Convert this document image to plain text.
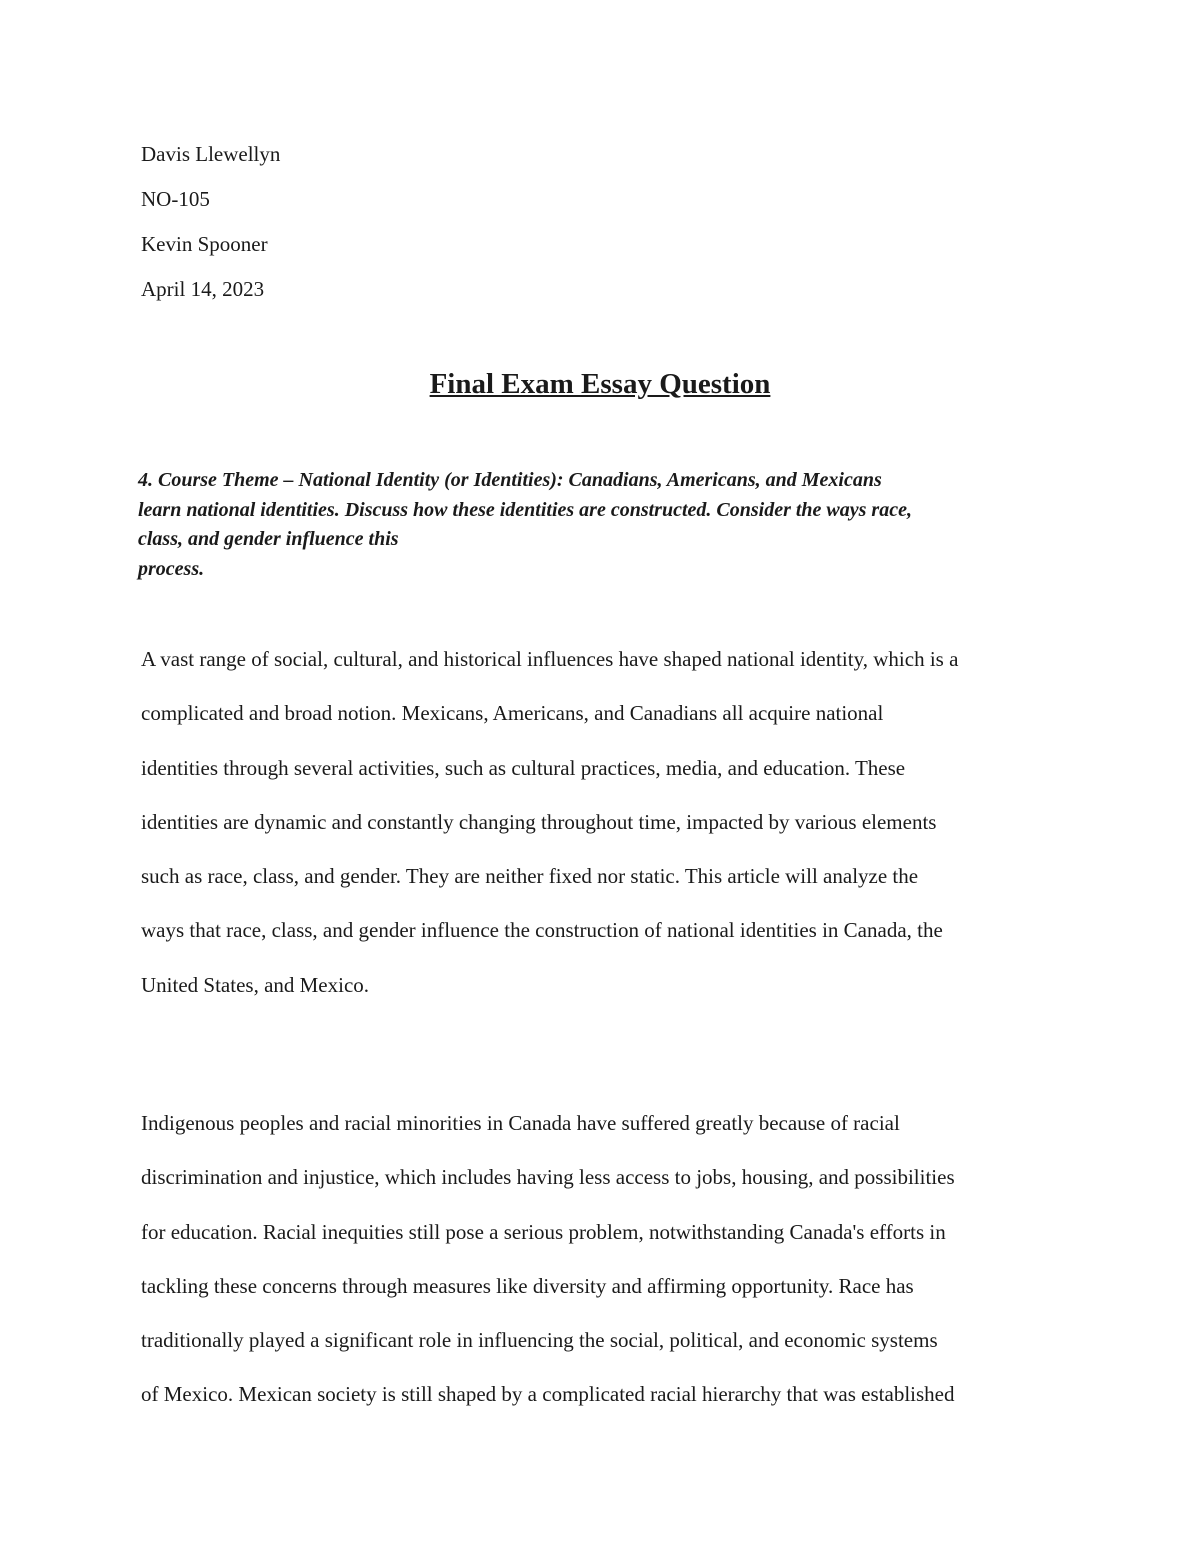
Davis Llewellyn
NO-105
Kevin Spooner
April 14, 2023
Final Exam Essay Question

4. Course Theme – National Identity (or Identities): Canadians, Americans, and Mexicans
learn national identities. Discuss how these identities are constructed. Consider the ways race,
class, and gender influence this
process.

A vast range of social, cultural, and historical influences have shaped national identity, which is a
complicated and broad notion. Mexicans, Americans, and Canadians all acquire national
identities through several activities, such as cultural practices, media, and education. These
identities are dynamic and constantly changing throughout time, impacted by various elements
such as race, class, and gender. They are neither fixed nor static. This article will analyze the
ways that race, class, and gender influence the construction of national identities in Canada, the
United States, and Mexico.

Indigenous peoples and racial minorities in Canada have suffered greatly because of racial
discrimination and injustice, which includes having less access to jobs, housing, and possibilities
for education. Racial inequities still pose a serious problem, notwithstanding Canada's efforts in
tackling these concerns through measures like diversity and affirming opportunity. Race has
traditionally played a significant role in influencing the social, political, and economic systems
of Mexico. Mexican society is still shaped by a complicated racial hierarchy that was established
